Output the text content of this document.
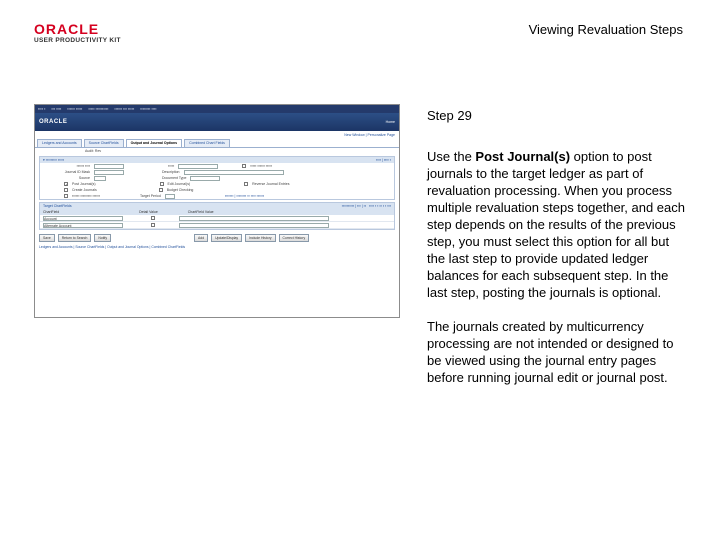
ORACLE
USER PRODUCTIVITY KIT
Viewing Revaluation Steps
▪▪▪▪ ▪ ▪▪▪ ▪▪▪▪ ▪▪▪▪▪▪ ▪▪▪▪▪ ▪▪▪▪▪ ▪▪▪▪▪▪▪▪▪▪ ▪▪▪▪▪▪ ▪▪▪ ▪▪▪▪▪ ▪▪▪▪▪▪▪▪ ▪▪▪▪
ORACLE	Home
New Window | Personalize Page
Ledgers and Accounts	Source ChartFields	Output and Journal Options	Combined Chart Fields
Audit: Rev
▾ ▪▪▪▪▪▪▪▪▪ ▪▪▪▪▪	▪▪▪▪ | ▪▪▪▪ ▪
▪▪▪▪▪▪ ▪▪▪▪	▪▪▪▪▪	▪▪▪▪▪ ▪▪▪▪▪▪ ▪▪▪▪▪
Journal ID Mask	Description
Source	Document Type
✓ Post Journal(s)	Edit Journal(s)	Reverse Journal Entries
Create Journals	Budget Checking
▪▪▪▪▪▪ ▪▪▪▪▪▪▪▪▪ ▪▪▪▪▪▪	Target Period	▪▪▪▪▪▪▪ | ▪▪▪▪▪▪▪▪ ▪▪ ▪▪▪▪ ▪▪▪▪▪▪
Target ChartFields	▪▪▪▪▪▪▪▪▪▪ | ▪▪▪ | ▪▪   ▪▪▪▪ ▪ ▪ ▪▪ ▪ ▪ ▪▪▪
ChartField	Detail Value	ChartField Value
Account
Alternate Account
Save	Return to Search	Notify	Add	Update/Display	Include History	Correct History
Ledgers and Accounts | Source ChartFields | Output and Journal Options | Combined ChartFields
Step 29

Use the Post Journal(s) option to post journals to the target ledger as part of revaluation processing. When you process multiple revaluation steps together, and each step depends on the results of the previous step, you must select this option for all but the last step to provide updated ledger balances for each subsequent step. In the last step, posting the journals is optional.

The journals created by multicurrency processing are not intended or designed to be viewed using the journal entry pages before running journal edit or journal post.
